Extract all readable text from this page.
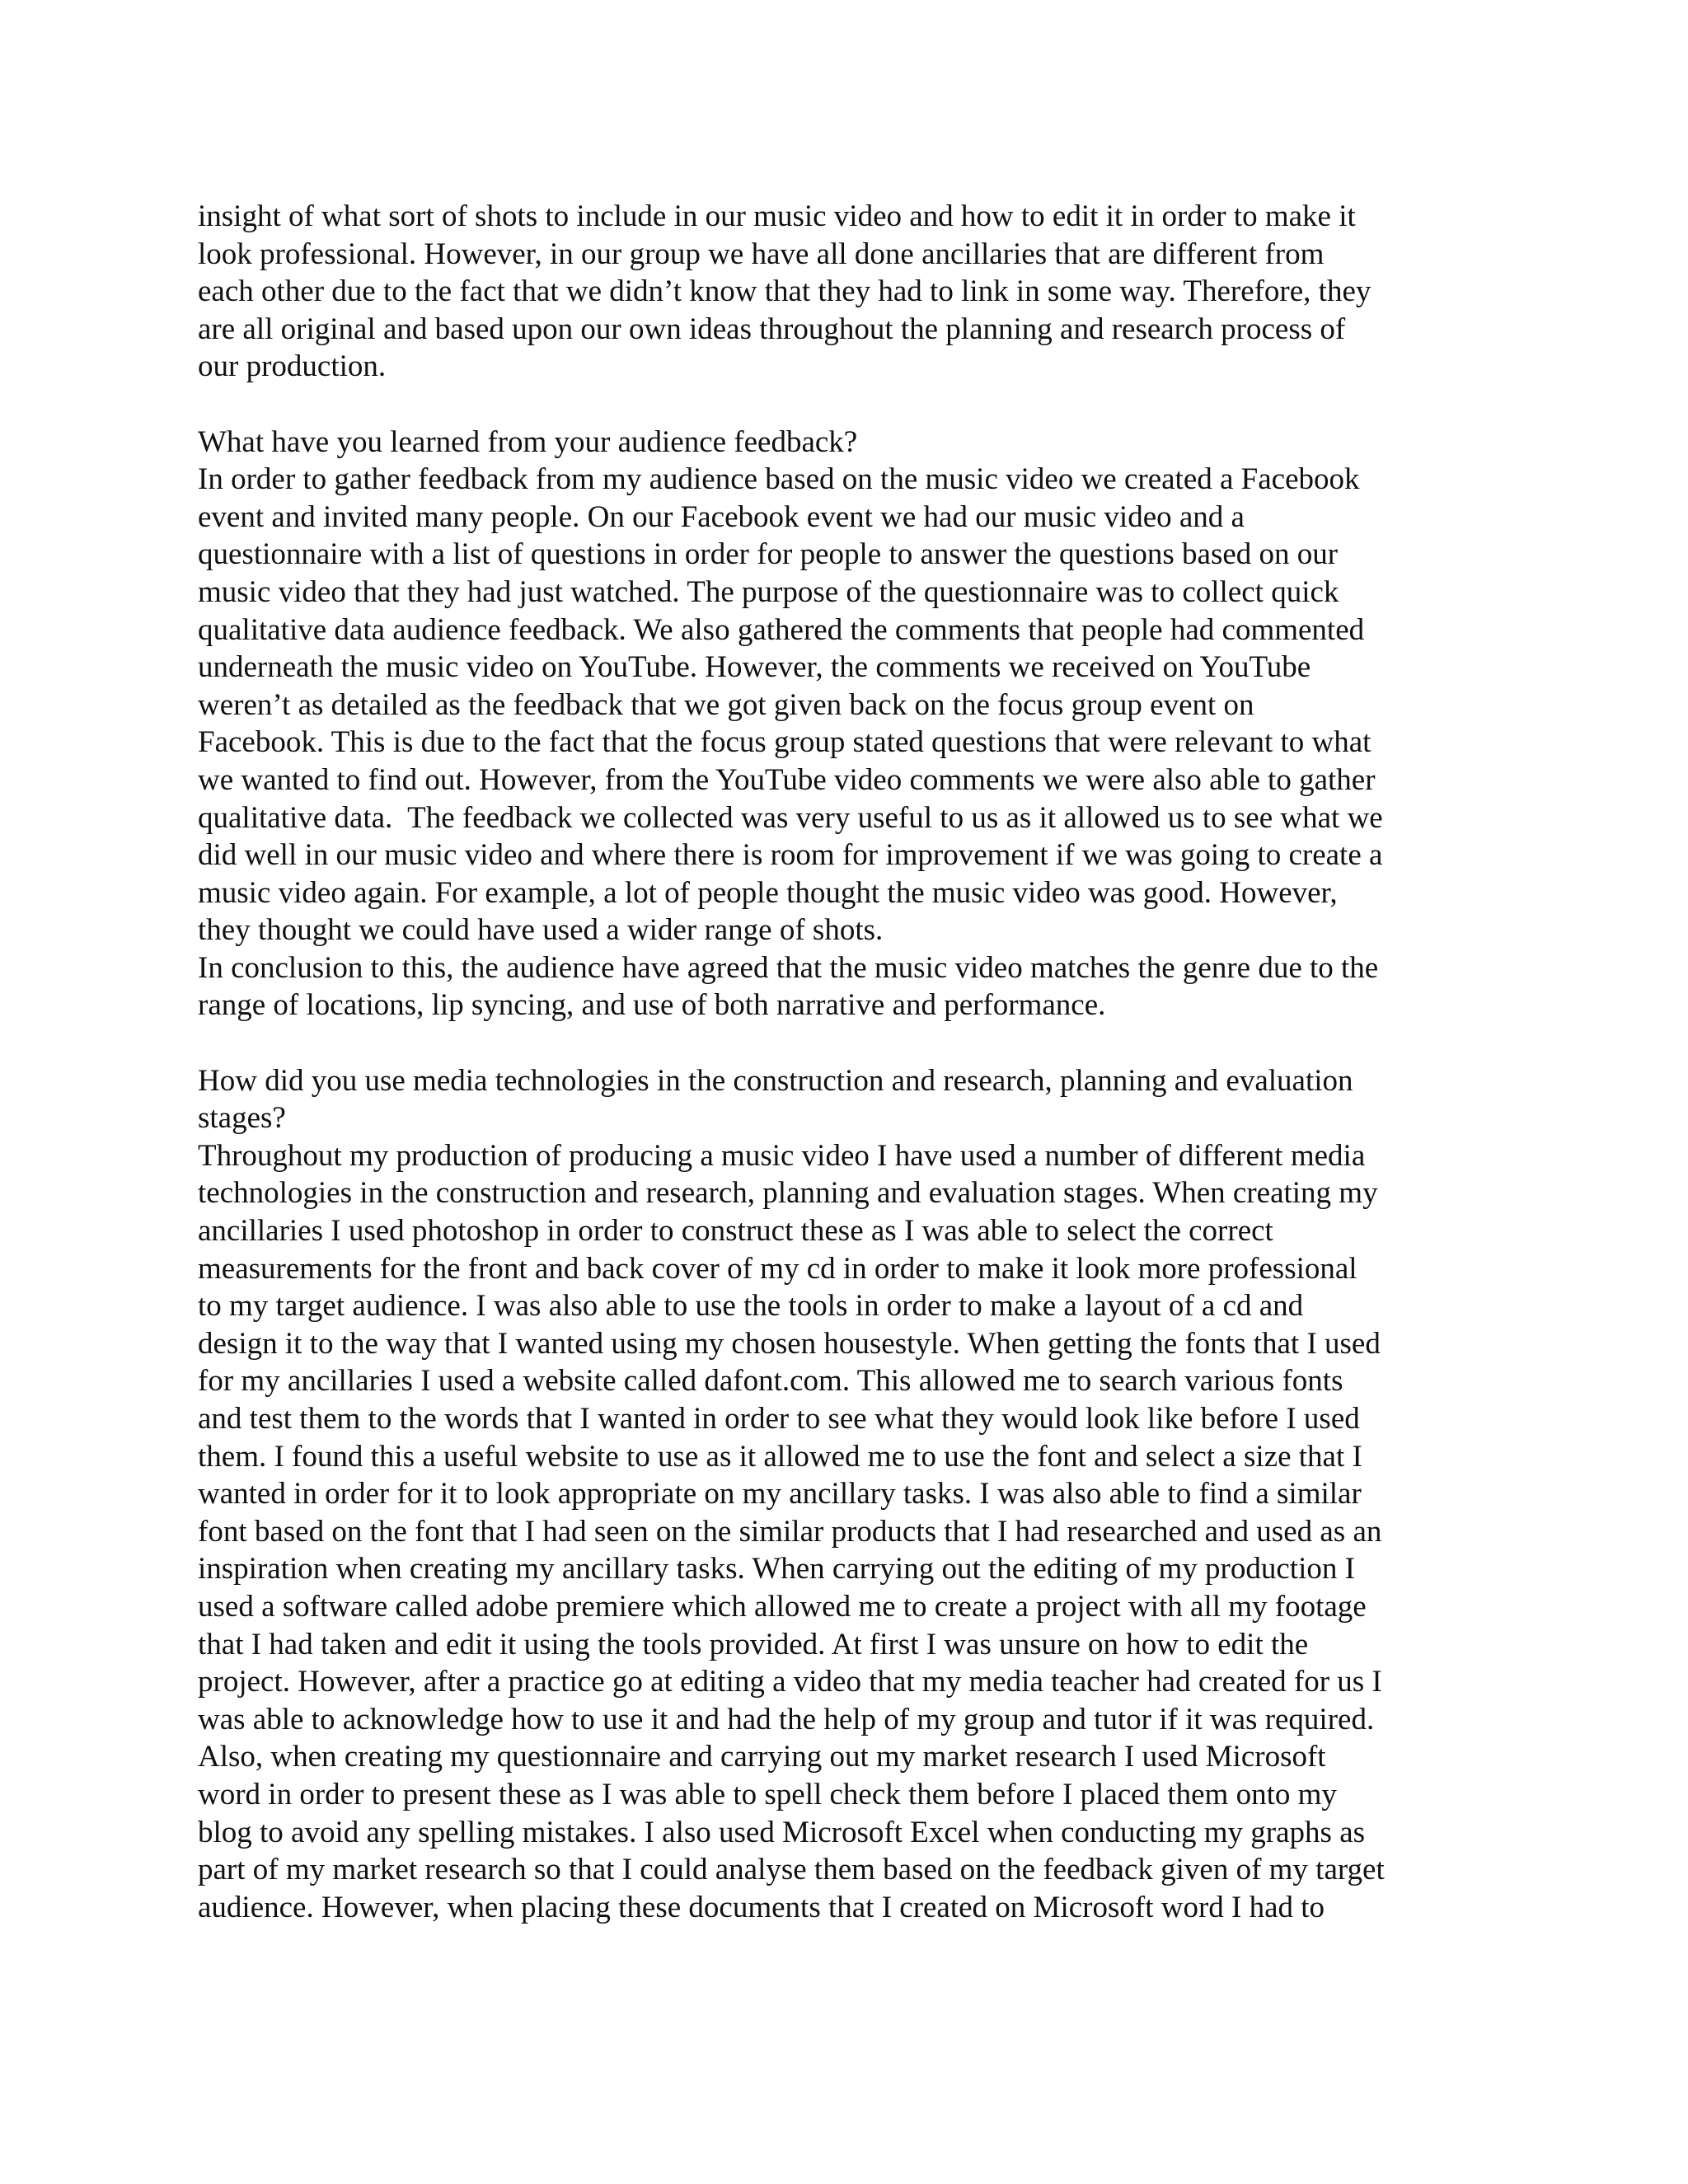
insight of what sort of shots to include in our music video and how to edit it in order to make it
look professional. However, in our group we have all done ancillaries that are different from
each other due to the fact that we didn’t know that they had to link in some way. Therefore, they
are all original and based upon our own ideas throughout the planning and research process of
our production.
What have you learned from your audience feedback?
In order to gather feedback from my audience based on the music video we created a Facebook
event and invited many people. On our Facebook event we had our music video and a
questionnaire with a list of questions in order for people to answer the questions based on our
music video that they had just watched. The purpose of the questionnaire was to collect quick
qualitative data audience feedback. We also gathered the comments that people had commented
underneath the music video on YouTube. However, the comments we received on YouTube
weren’t as detailed as the feedback that we got given back on the focus group event on
Facebook. This is due to the fact that the focus group stated questions that were relevant to what
we wanted to find out. However, from the YouTube video comments we were also able to gather
qualitative data.  The feedback we collected was very useful to us as it allowed us to see what we
did well in our music video and where there is room for improvement if we was going to create a
music video again. For example, a lot of people thought the music video was good. However,
they thought we could have used a wider range of shots.
In conclusion to this, the audience have agreed that the music video matches the genre due to the
range of locations, lip syncing, and use of both narrative and performance.
How did you use media technologies in the construction and research, planning and evaluation
stages?
Throughout my production of producing a music video I have used a number of different media
technologies in the construction and research, planning and evaluation stages. When creating my
ancillaries I used photoshop in order to construct these as I was able to select the correct
measurements for the front and back cover of my cd in order to make it look more professional
to my target audience. I was also able to use the tools in order to make a layout of a cd and
design it to the way that I wanted using my chosen housestyle. When getting the fonts that I used
for my ancillaries I used a website called dafont.com. This allowed me to search various fonts
and test them to the words that I wanted in order to see what they would look like before I used
them. I found this a useful website to use as it allowed me to use the font and select a size that I
wanted in order for it to look appropriate on my ancillary tasks. I was also able to find a similar
font based on the font that I had seen on the similar products that I had researched and used as an
inspiration when creating my ancillary tasks. When carrying out the editing of my production I
used a software called adobe premiere which allowed me to create a project with all my footage
that I had taken and edit it using the tools provided. At first I was unsure on how to edit the
project. However, after a practice go at editing a video that my media teacher had created for us I
was able to acknowledge how to use it and had the help of my group and tutor if it was required.
Also, when creating my questionnaire and carrying out my market research I used Microsoft
word in order to present these as I was able to spell check them before I placed them onto my
blog to avoid any spelling mistakes. I also used Microsoft Excel when conducting my graphs as
part of my market research so that I could analyse them based on the feedback given of my target
audience. However, when placing these documents that I created on Microsoft word I had to
